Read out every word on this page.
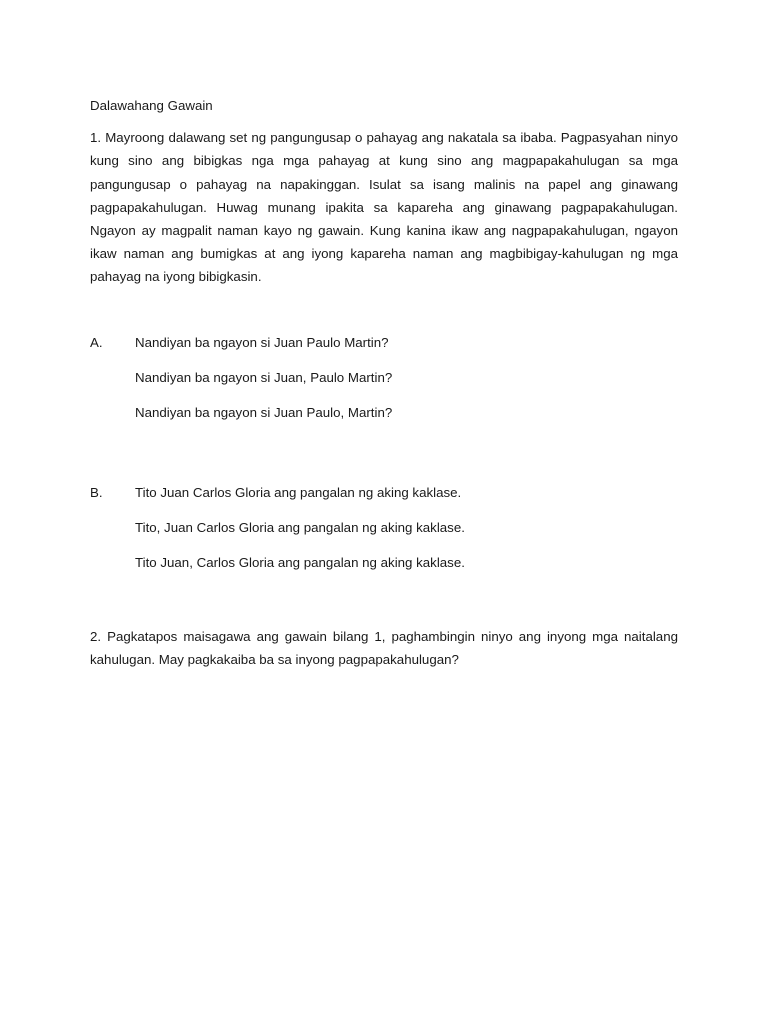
Dalawahang Gawain

1. Mayroong dalawang set ng pangungusap o pahayag ang nakatala sa ibaba. Pagpasyahan ninyo kung sino ang bibigkas nga mga pahayag at kung sino ang magpapakahulugan sa mga pangungusap o pahayag na napakinggan. Isulat sa isang malinis na papel ang ginawang pagpapakahulugan. Huwag munang ipakita sa kapareha ang ginawang pagpapakahulugan. Ngayon ay magpalit naman kayo ng gawain. Kung kanina ikaw ang nagpapakahulugan, ngayon ikaw naman ang bumigkas at ang iyong kapareha naman ang magbibigay-kahulugan ng mga pahayag na iyong bibigkasin.

A.	Nandiyan ba ngayon si Juan Paulo Martin?
Nandiyan ba ngayon si Juan, Paulo Martin?
Nandiyan ba ngayon si Juan Paulo, Martin?
B.	Tito Juan Carlos Gloria ang pangalan ng aking kaklase.
Tito, Juan Carlos Gloria ang pangalan ng aking kaklase.
Tito Juan, Carlos Gloria ang pangalan ng aking kaklase.

2. Pagkatapos maisagawa ang gawain bilang 1, paghambingin ninyo ang inyong mga naitalang kahulugan. May pagkakaiba ba sa inyong pagpapakahulugan?
